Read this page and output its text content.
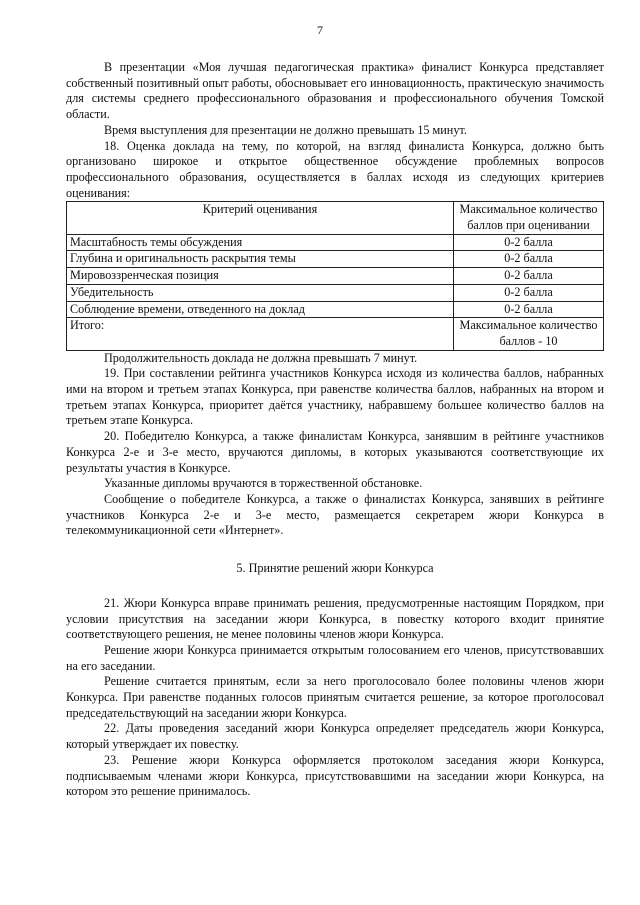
7

В презентации «Моя лучшая педагогическая практика» финалист Конкурса представляет собственный позитивный опыт работы, обосновывает его инновационность, практическую значимость для системы среднего профессионального образования и профессионального обучения Томской области.

Время выступления для презентации не должно превышать 15 минут.

18. Оценка доклада на тему, по которой, на взгляд финалиста Конкурса, должно быть организовано широкое и открытое общественное обсуждение проблемных вопросов профессионального образования, осуществляется в баллах исходя из следующих критериев оценивания:

Критерий оценивания	Максимальное количество баллов при оценивании
Масштабность темы обсуждения	0-2 балла
Глубина и оригинальность раскрытия темы	0-2 балла
Мировоззренческая позиция	0-2 балла
Убедительность	0-2 балла
Соблюдение времени, отведенного на доклад	0-2 балла
Итого:	Максимальное количество баллов - 10

Продолжительность доклада не должна превышать 7 минут.

19. При составлении рейтинга участников Конкурса исходя из количества баллов, набранных ими на втором и третьем этапах Конкурса, при равенстве количества баллов, набранных на втором и третьем этапах Конкурса, приоритет даётся участнику, набравшему большее количество баллов на третьем этапе Конкурса.

20. Победителю Конкурса, а также финалистам Конкурса, занявшим в рейтинге участников Конкурса 2-е и 3-е место, вручаются дипломы, в которых указываются соответствующие их результаты участия в Конкурсе.

Указанные дипломы вручаются в торжественной обстановке.

Сообщение о победителе Конкурса, а также о финалистах Конкурса, занявших в рейтинге участников Конкурса 2-е и 3-е место, размещается секретарем жюри Конкурса в телекоммуникационной сети «Интернет».

5. Принятие решений жюри Конкурса

21. Жюри Конкурса вправе принимать решения, предусмотренные настоящим Порядком, при условии присутствия на заседании жюри Конкурса, в повестку которого входит принятие соответствующего решения, не менее половины членов жюри Конкурса.

Решение жюри Конкурса принимается открытым голосованием его членов, присутствовавших на его заседании.

Решение считается принятым, если за него проголосовало более половины членов жюри Конкурса. При равенстве поданных голосов принятым считается решение, за которое проголосовал председательствующий на заседании жюри Конкурса.

22. Даты проведения заседаний жюри Конкурса определяет председатель жюри Конкурса, который утверждает их повестку.

23. Решение жюри Конкурса оформляется протоколом заседания жюри Конкурса, подписываемым членами жюри Конкурса, присутствовавшими на заседании жюри Конкурса, на котором это решение принималось.
